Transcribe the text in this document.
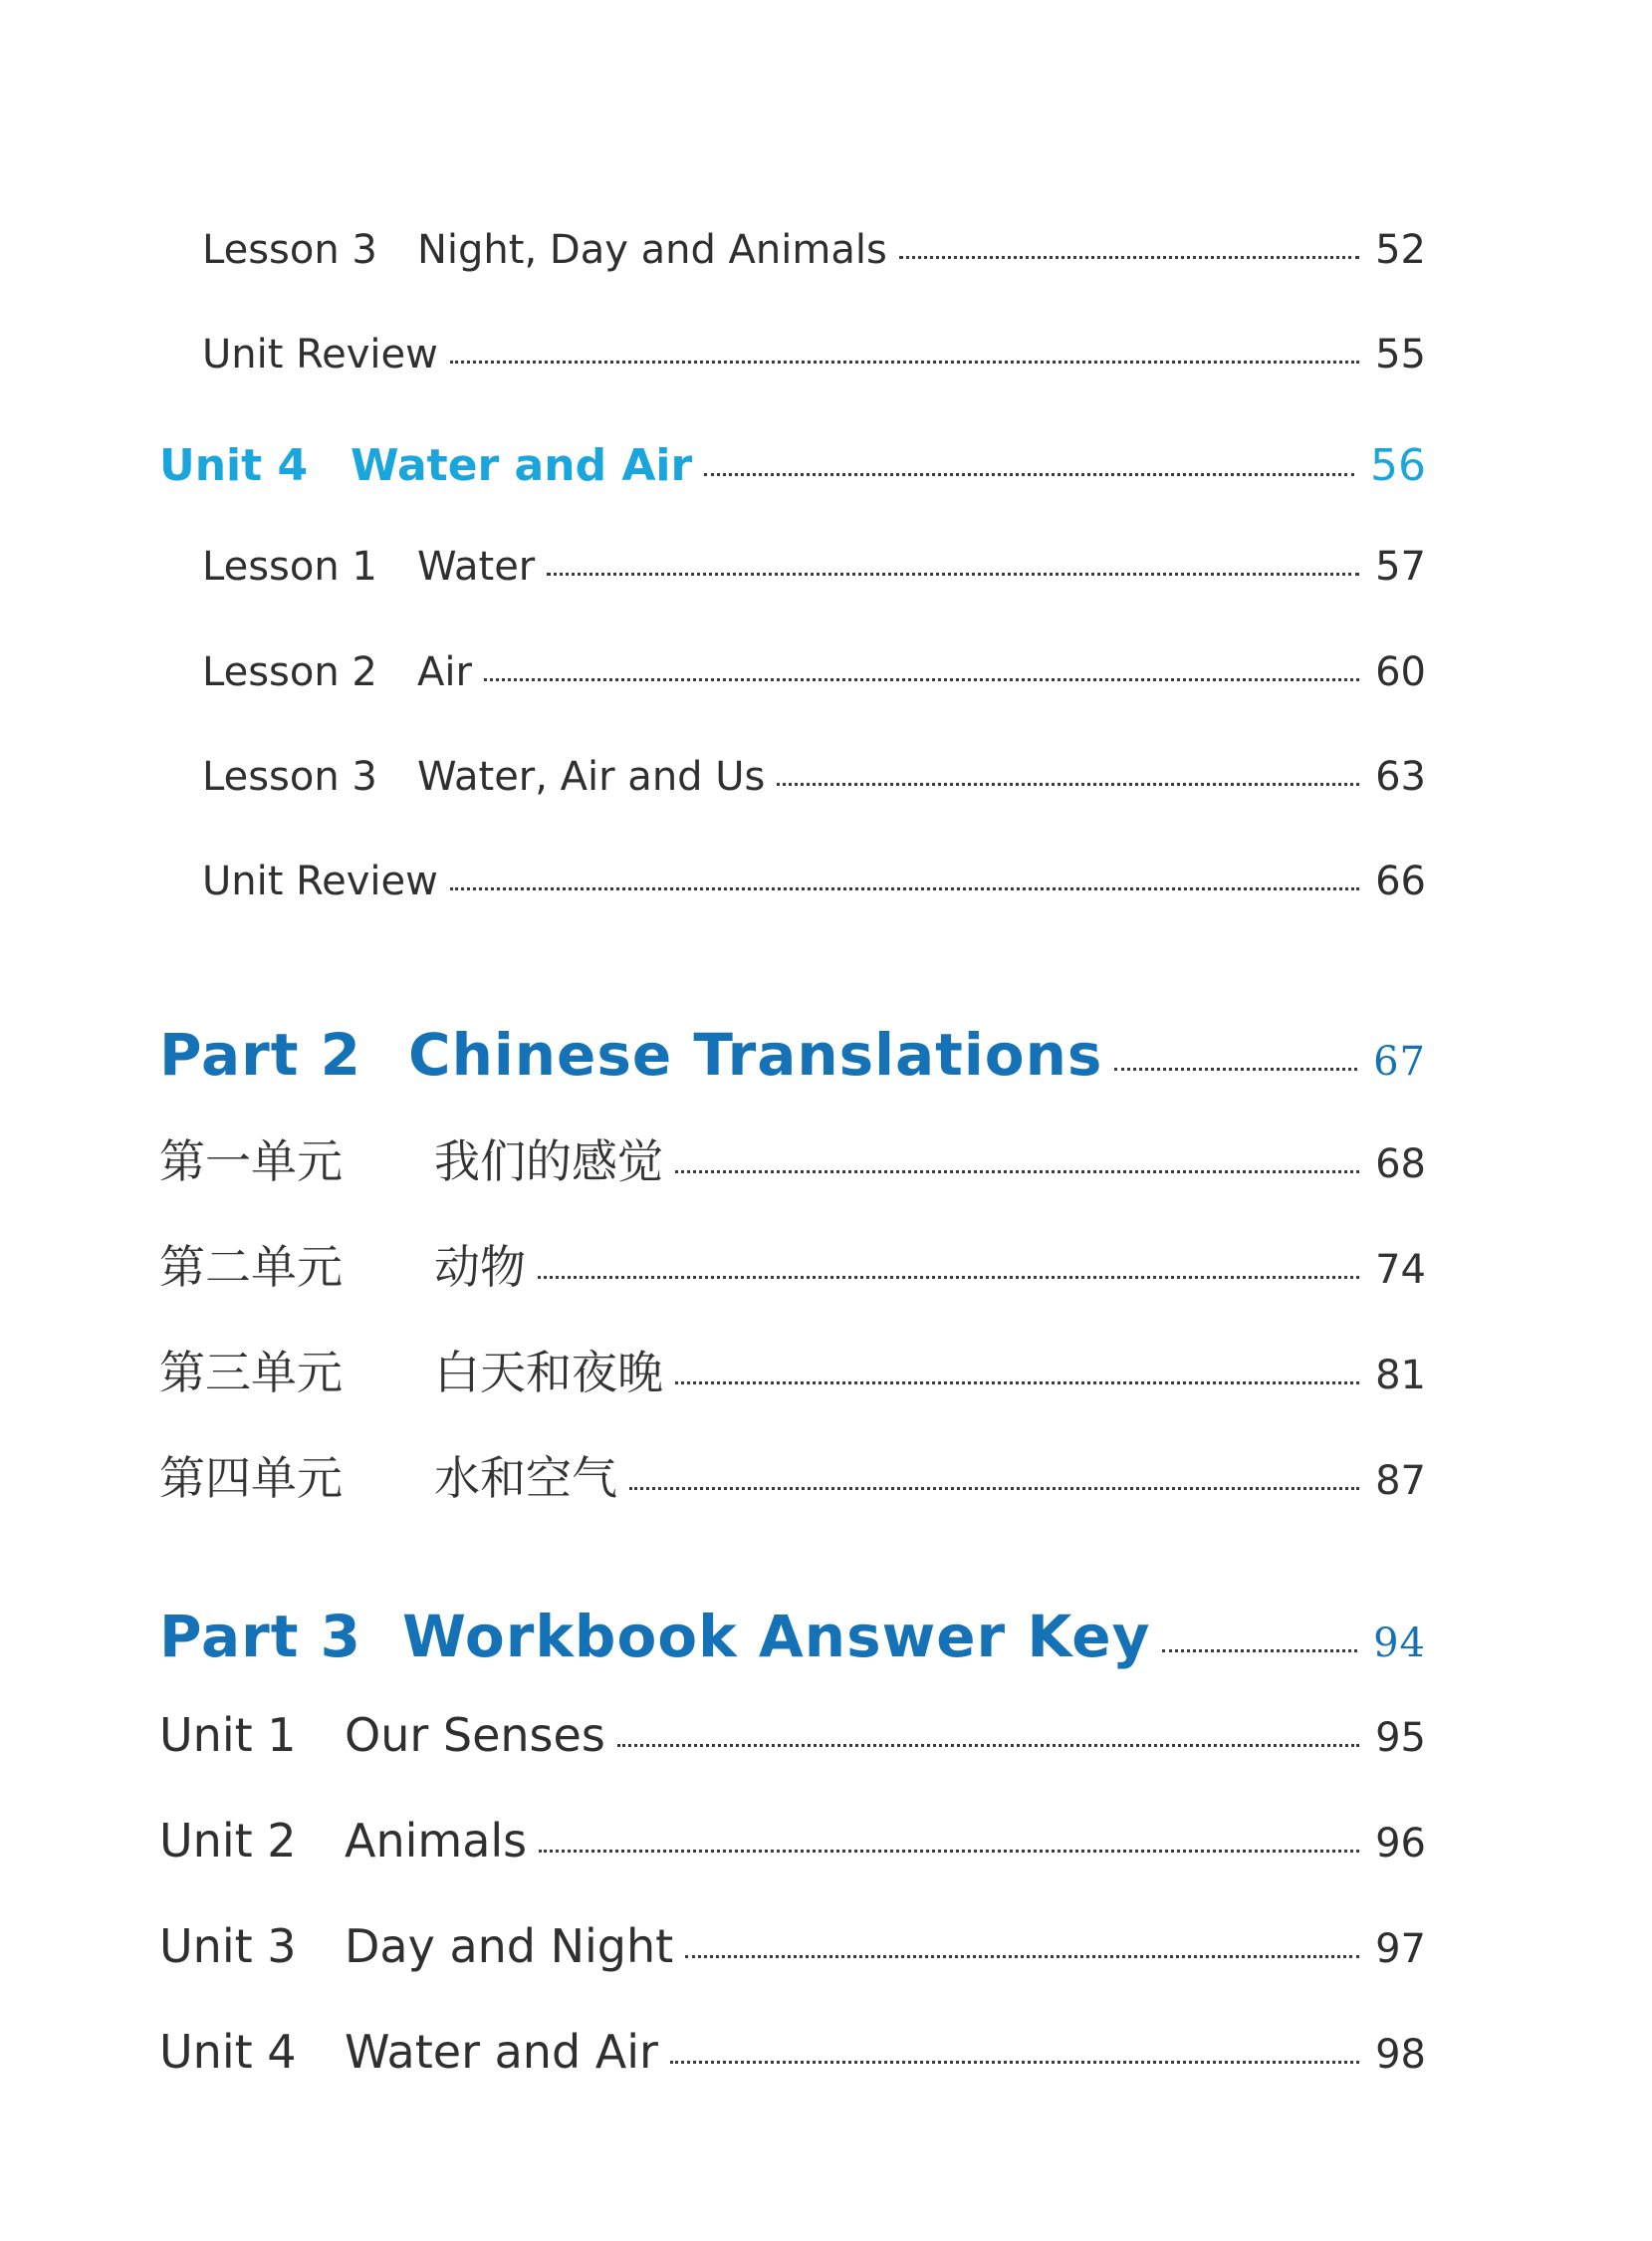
Lesson 3	Night, Day and Animals	52
Unit Review	55
Unit 4 Water and Air	56
Lesson 1	Water	57
Lesson 2	Air	60
Lesson 3	Water, Air and Us	63
Unit Review	66
Part 2 Chinese Translations	67
第一单元	我们的感觉	68
第二单元	动物	74
第三单元	白天和夜晚	81
第四单元	水和空气	87
Part 3 Workbook Answer Key	94
Unit 1	Our Senses	95
Unit 2	Animals	96
Unit 3	Day and Night	97
Unit 4	Water and Air	98
